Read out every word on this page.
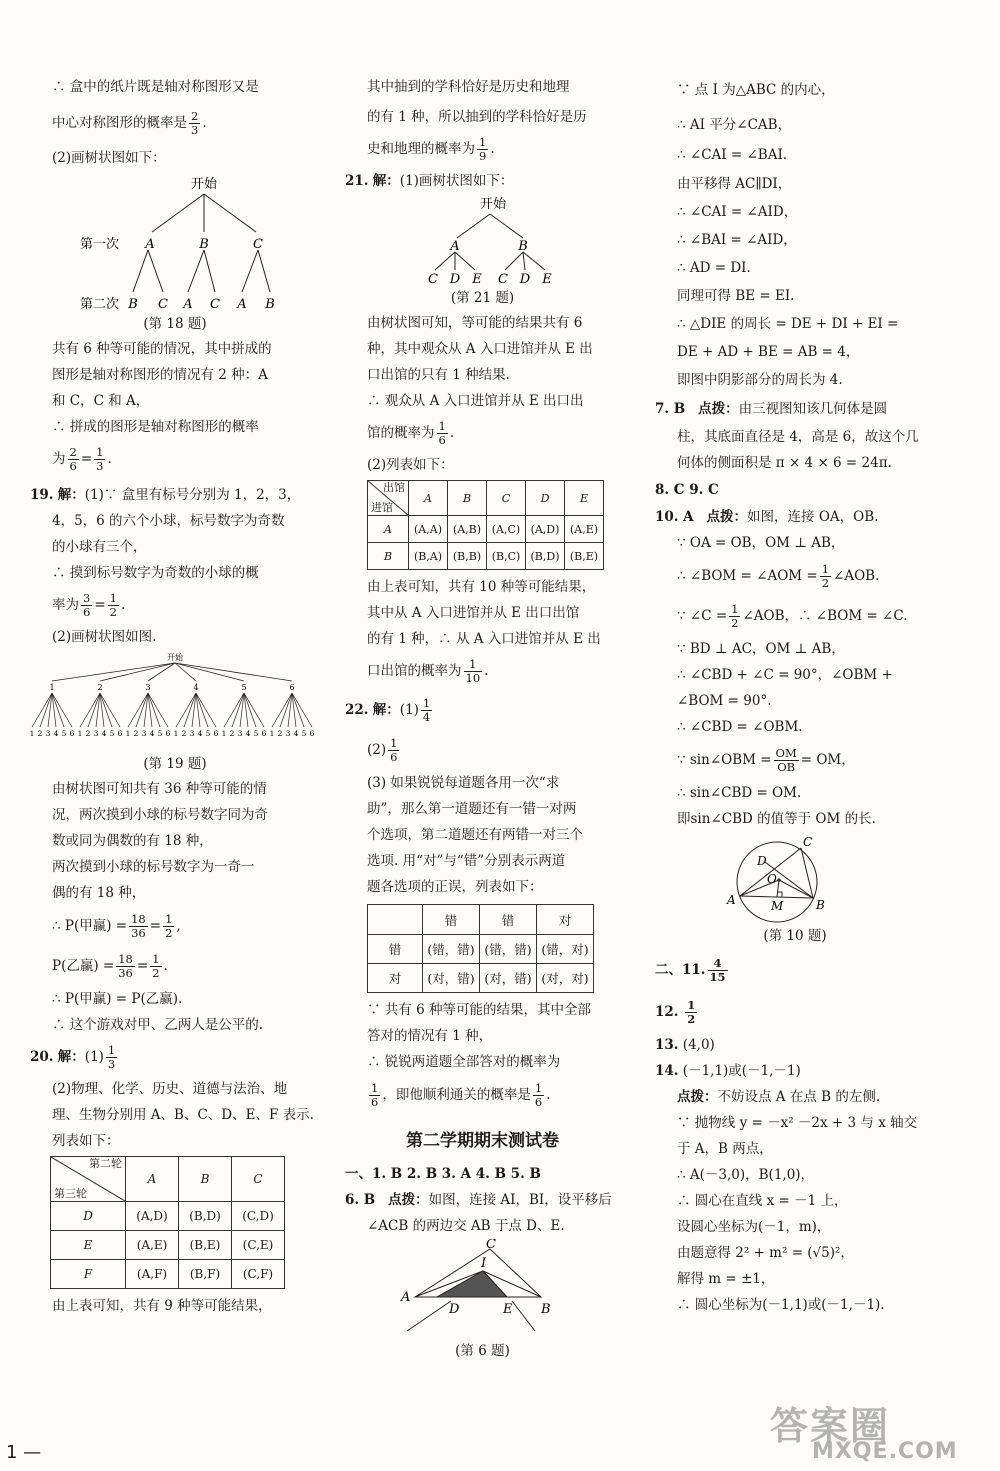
∴ 盒中的纸片既是轴对称图形又是
中心对称图形的概率是 $\frac{2}{3}$ .
(2)画树状图如下：
开始
第一次 A	B	C
第二次 B C A C A B
(第 18 题)
共有 6 种等可能的情况，其中拼成的
图形是轴对称图形的情况有 2 种：A
和 C，C 和 A，
∴ 拼成的图形是轴对称图形的概率
为 $\frac{2}{6} = \frac{1}{3}$ .
19. 解：(1)∵ 盒里有标号分别为 1，2，3，
4，5，6 的六个小球，标号数字为奇数
的小球有三个，
∴ 摸到标号数字为奇数的小球的概
率为 $\frac{3}{6} = \frac{1}{2}$ .
(2)画树状图如图.
开始
1
1 2 3 4 5 6
2
1 2 3 4 5 6
3
1 2 3 4 5 6
4
1 2 3 4 5 6
5
1 2 3 4 5 6
6
1 2 3 4 5 6
(第 19 题)
由树状图可知共有 36 种等可能的情
况，两次摸到小球的标号数字同为奇
数或同为偶数的有 18 种，
两次摸到小球的标号数字为一奇一
偶的有 18 种，
∴ P(甲赢) = $\frac{18}{36} = \frac{1}{2}$ ,
P(乙赢) = $\frac{18}{36} = \frac{1}{2}$ .
∴ P(甲赢) = P(乙赢).
∴ 这个游戏对甲、乙两人是公平的.
20. 解：$(1) \frac{1}{3}$
(2)物理、化学、历史、道德与法治、地
理、生物分别用 A、B、C、D、E、F 表示.
列表如下：
第二轮
第三轮	A	B	C
D	(A,D)	(B,D)	(C,D)
E	(A,E)	(B,E)	(C,E)
F	(A,F)	(B,F)	(C,F)
由上表可知，共有 9 种等可能结果，
其中抽到的学科恰好是历史和地理
的有 1 种，所以抽到的学科恰好是历
史和地理的概率为 $\frac{1}{9}$ .
21. 解：(1)画树状图如下：
开始
A	B
C D E C D E
(第 21 题)
由树状图可知，等可能的结果共有 6
种，其中观众从 A 入口进馆并从 E 出
口出馆的只有 1 种结果.
∴ 观众从 A 入口进馆并从 E 出口出
馆的概率为 $\frac{1}{6}$ .
(2)列表如下：
出馆
进馆	A	B	C	D	E
A	(A,A)	(A,B)	(A,C)	(A,D)	(A,E)
B	(B,A)	(B,B)	(B,C)	(B,D)	(B,E)
由上表可知，共有 10 种等可能结果，
其中从 A 入口进馆并从 E 出口出馆
的有 1 种，∴ 从 A 入口进馆并从 E 出
口出馆的概率为 $\frac{1}{10}$ .
22. 解：$(1) \frac{1}{4}$
$(2) \frac{1}{6}$
(3) 如果锐锐每道题各用一次“求
助”，那么第一道题还有一错一对两
个选项，第二道题还有两错一对三个
选项. 用“对”与“错”分别表示两道
题各选项的正误，列表如下：
	错	错	对
错	(错，错)	(错，错)	(错，对)
对	(对，错)	(对，错)	(对，对)
∵ 共有 6 种等可能的结果，其中全部
答对的情况有 1 种，
∴ 锐锐两道题全部答对的概率为
$\frac{1}{6}$ ，即他顺利通关的概率是 $\frac{1}{6}$ .
第二学期期末测试卷
一、1. B 2. B 3. A 4. B 5. B
6. B 点拨：如图，连接 AI，BI，设平移后
∠ACB 的两边交 AB 于点 D、E.
C
I
A
D	E B
(第 6 题)
∵ 点 I 为△ABC 的内心，
∴ AI 平分∠CAB，
∴ ∠CAI = ∠BAI.
由平移得 AC∥DI，
∴ ∠CAI = ∠AID，
∴ ∠BAI = ∠AID，
∴ AD = DI.
同理可得 BE = EI.
∴ △DIE 的周长 = DE + DI + EI =
DE + AD + BE = AB = 4，
即图中阴影部分的周长为 4.
7. B 点拨：由三视图知该几何体是圆
柱，其底面直径是 4，高是 6，故这个几
何体的侧面积是 π × 4 × 6 = 24π.
8. C 9. C
10. A 点拨：如图，连接 OA，OB.
∵ OA = OB，OM ⊥ AB，
∴ ∠BOM = ∠AOM = $\frac{1}{2}$ ∠AOB.
∵ ∠C = $\frac{1}{2}$ ∠AOB，∴ ∠BOM = ∠C.
∵ BD ⊥ AC，OM ⊥ AB，
∴ ∠CBD + ∠C = 90°，∠OBM +
∠BOM = 90°.
∴ ∠CBD = ∠OBM.
∵ sin∠OBM = $\frac{OM}{OB}$ = OM，
∴ sin∠CBD = OM.
即sin∠CBD 的值等于 OM 的长.
C
D
O
A	M	B
(第 10 题)
二、11. $\frac{4}{15}$
12. $\frac{1}{2}$
13. (4,0)
14. (－1,1)或(－1,－1)
点拨：不妨设点 A 在点 B 的左侧.
∵ 抛物线 y = －x² －2x + 3 与 x 轴交
于 A，B 两点，
∴ A(－3,0)，B(1,0)，
∴ 圆心在直线 x = －1 上，
设圆心坐标为(－1，m)，
由题意得 2² + m² = (√5)²，
解得 m = ±1，
∴ 圆心坐标为(－1,1)或(－1,－1).
1 —
答案圈
MXQE.COM
